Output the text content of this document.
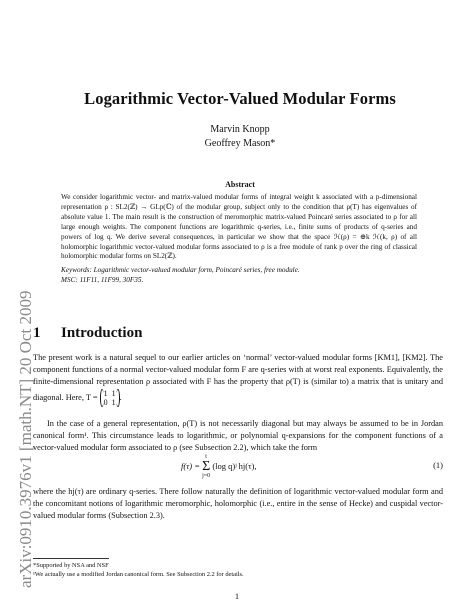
arXiv:0910.3976v1 [math.NT] 20 Oct 2009
Logarithmic Vector-Valued Modular Forms
Marvin Knopp
Geoffrey Mason*
Abstract

We consider logarithmic vector- and matrix-valued modular forms of integral weight k associated with a p-dimensional representation ρ : SL2(ℤ) → GLp(ℂ) of the modular group, subject only to the condition that ρ(T) has eigenvalues of absolute value 1. The main result is the construction of meromorphic matrix-valued Poincaré series associated to ρ for all large enough weights. The component functions are logarithmic q-series, i.e., finite sums of products of q-series and powers of log q. We derive several consequences, in particular we show that the space ℋ(ρ) = ⊕k ℋ(k, ρ) of all holomorphic logarithmic vector-valued modular forms associated to ρ is a free module of rank p over the ring of classical holomorphic modular forms on SL2(ℤ).

Keywords: Logarithmic vector-valued modular form, Poincaré series, free module.

MSC: 11F11, 11F99, 30F35.

1 Introduction
The present work is a natural sequel to our earlier articles on ‘normal’ vector-valued modular forms [KM1], [KM2]. The component functions of a normal vector-valued modular form F are q-series with at worst real exponents. Equivalently, the finite-dimensional representation ρ associated with F has the property that ρ(T) is (similar to) a matrix that is unitary and diagonal. Here, T = 1 1
0 1.
In the case of a general representation, ρ(T) is not necessarily diagonal but may always be assumed to be in Jordan canonical form¹. This circumstance leads to logarithmic, or polynomial q-expansions for the component functions of a vector-valued modular form associated to ρ (see Subsection 2.2), which take the form
f(τ) = t
Σ
j=0 (log q)ʲ hj(τ),	(1)
where the hj(τ) are ordinary q-series. There follow naturally the definition of logarithmic vector-valued modular form and the concomitant notions of logarithmic meromorphic, holomorphic (i.e., entire in the sense of Hecke) and cuspidal vector-valued modular forms (Subsection 2.3).
*Supported by NSA and NSF
¹We actually use a modified Jordan canonical form. See Subsection 2.2 for details.
1
